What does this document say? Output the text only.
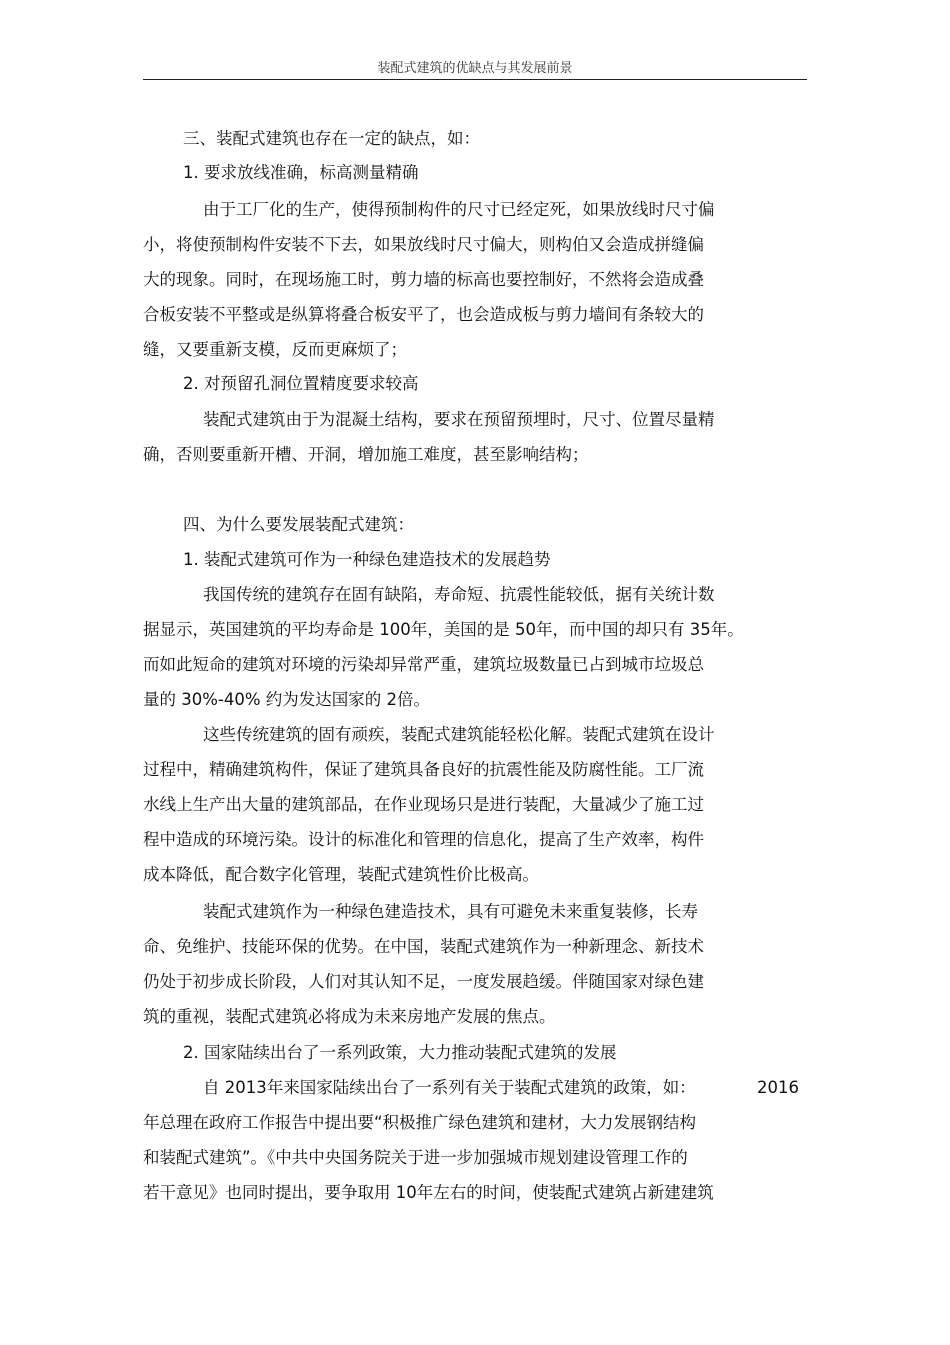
装配式建筑的优缺点与其发展前景
三、装配式建筑也存在一定的缺点，如：
1. 要求放线准确，标高测量精确
由于工厂化的生产，使得预制构件的尺寸已经定死，如果放线时尺寸偏
小，将使预制构件安装不下去，如果放线时尺寸偏大，则构伯又会造成拼缝偏
大的现象。同时，在现场施工时，剪力墙的标高也要控制好，不然将会造成叠
合板安装不平整或是纵算将叠合板安平了，也会造成板与剪力墙间有条较大的
缝，又要重新支模，反而更麻烦了；
2. 对预留孔洞位置精度要求较高
装配式建筑由于为混凝土结构，要求在预留预埋时，尺寸、位置尽量精
确，否则要重新开槽、开洞，增加施工难度，甚至影响结构；
四、为什么要发展装配式建筑：
1. 装配式建筑可作为一种绿色建造技术的发展趋势
我国传统的建筑存在固有缺陷，寿命短、抗震性能较低，据有关统计数
据显示，英国建筑的平均寿命是 100年，美国的是 50年，而中国的却只有 35年。
而如此短命的建筑对环境的污染却异常严重，建筑垃圾数量已占到城市垃圾总
量的 30%-40% 约为发达国家的 2倍。
这些传统建筑的固有顽疾，装配式建筑能轻松化解。装配式建筑在设计
过程中，精确建筑构件，保证了建筑具备良好的抗震性能及防腐性能。工厂流
水线上生产出大量的建筑部品，在作业现场只是进行装配，大量减少了施工过
程中造成的环境污染。设计的标准化和管理的信息化，提高了生产效率，构件
成本降低，配合数字化管理，装配式建筑性价比极高。
装配式建筑作为一种绿色建造技术，具有可避免未来重复装修，长寿
命、免维护、技能环保的优势。在中国，装配式建筑作为一种新理念、新技术
仍处于初步成长阶段，人们对其认知不足，一度发展趋缓。伴随国家对绿色建
筑的重视，装配式建筑必将成为未来房地产发展的焦点。
2. 国家陆续出台了一系列政策，大力推动装配式建筑的发展
自 2013年来国家陆续出台了一系列有关于装配式建筑的政策，如：	2016
年总理在政府工作报告中提出要“积极推广绿色建筑和建材，大力发展钢结构
和装配式建筑”。《中共中央国务院关于进一步加强城市规划建设管理工作的
若干意见》也同时提出，要争取用 10年左右的时间，使装配式建筑占新建建筑
